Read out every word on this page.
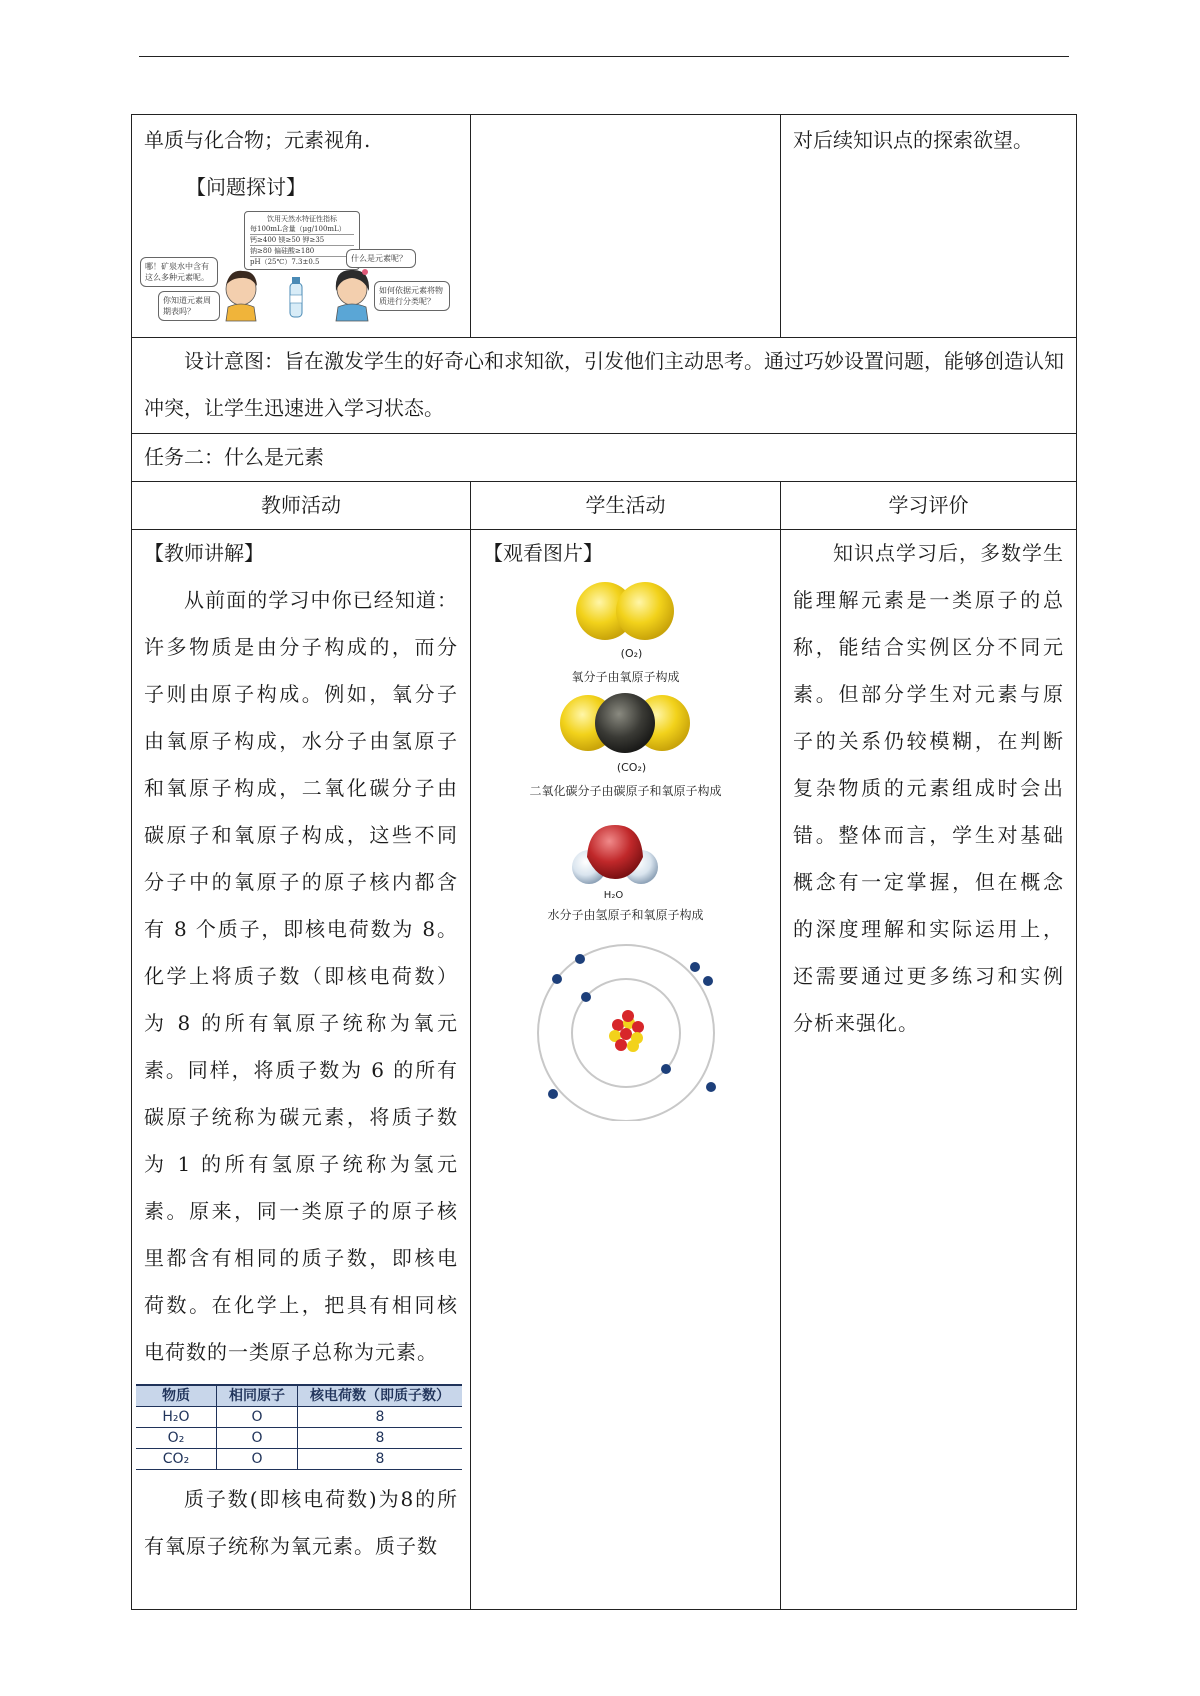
单质与化合物；元素视角.

【问题探讨】

饮用天然水特征性指标
每100mL含量（μg/100mL）
钙≥400 镁≥50 钾≥35
钠≥80 偏硅酸≥180
pH（25℃）7.3±0.5
哪！矿泉水中含有这么多种元素呢。
你知道元素周期表吗？
什么是元素呢？
如何依据元素将物质进行分类呢？

对后续知识点的探索欲望。

设计意图：旨在激发学生的好奇心和求知欲，引发他们主动思考。通过巧妙设置问题，能够创造认知冲突，让学生迅速进入学习状态。

任务二：什么是元素

教师活动	学生活动	学习评价

【教师讲解】

从前面的学习中你已经知道：许多物质是由分子构成的，而分子则由原子构成。例如，氧分子由氧原子构成，水分子由氢原子和氧原子构成，二氧化碳分子由碳原子和氧原子构成，这些不同分子中的氧原子的原子核内都含有 8 个质子，即核电荷数为 8。化学上将质子数（即核电荷数）为 8 的所有氧原子统称为氧元素。同样，将质子数为 6 的所有碳原子统称为碳元素，将质子数为 1 的所有氢原子统称为氢元素。原来，同一类原子的原子核里都含有相同的质子数，即核电荷数。在化学上，把具有相同核电荷数的一类原子总称为元素。

物质	相同原子	核电荷数（即质子数）
H₂O	O	8
O₂	O	8
CO₂	O	8

质子数(即核电荷数)为8的所有氧原子统称为氧元素。质子数

【观看图片】

(O₂)
氧分子由氧原子构成
(CO₂)
二氧化碳分子由碳原子和氧原子构成
H₂O
水分子由氢原子和氧原子构成

知识点学习后，多数学生能理解元素是一类原子的总称，能结合实例区分不同元素。但部分学生对元素与原子的关系仍较模糊，在判断复杂物质的元素组成时会出错。整体而言，学生对基础概念有一定掌握，但在概念的深度理解和实际运用上，还需要通过更多练习和实例分析来强化。
